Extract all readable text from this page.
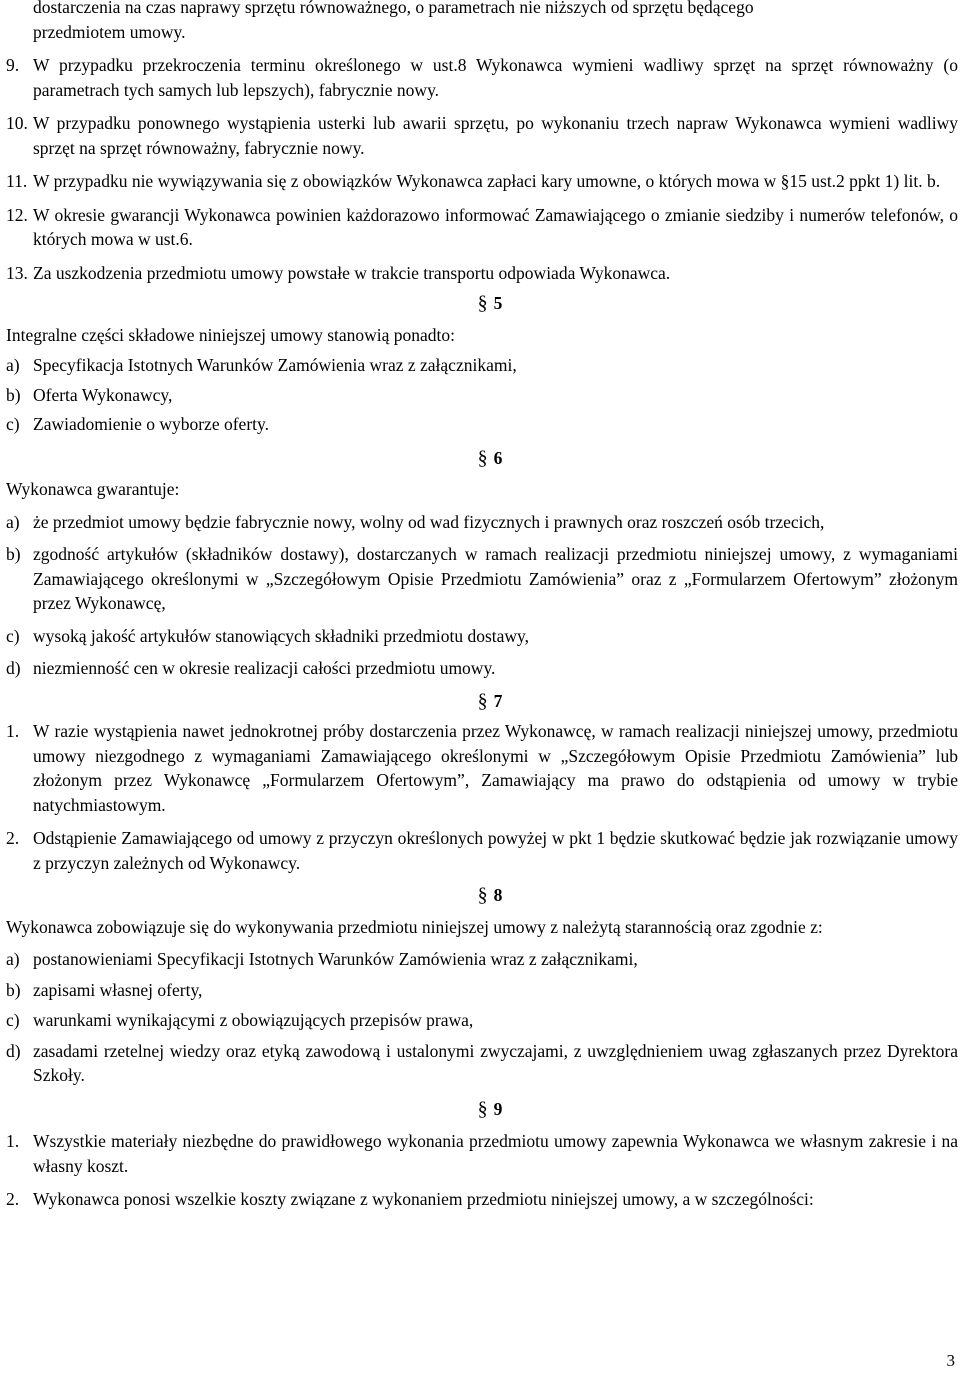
dostarczenia na czas naprawy sprzętu równoważnego, o parametrach nie niższych od sprzętu będącego
przedmiotem umowy.
9. W przypadku przekroczenia terminu określonego w ust.8 Wykonawca wymieni wadliwy sprzęt na sprzęt równoważny (o parametrach tych samych lub lepszych), fabrycznie nowy.
10. W przypadku ponownego wystąpienia usterki lub awarii sprzętu, po wykonaniu trzech napraw Wykonawca wymieni wadliwy sprzęt na sprzęt równoważny, fabrycznie nowy.
11. W przypadku nie wywiązywania się z obowiązków Wykonawca zapłaci kary umowne, o których mowa w §15 ust.2 ppkt 1) lit. b.
12. W okresie gwarancji Wykonawca powinien każdorazowo informować Zamawiającego o zmianie siedziby i numerów telefonów, o których mowa w ust.6.
13. Za uszkodzenia przedmiotu umowy powstałe w trakcie transportu odpowiada Wykonawca.
§ 5
Integralne części składowe niniejszej umowy stanowią ponadto:
a) Specyfikacja Istotnych Warunków Zamówienia wraz z załącznikami,
b) Oferta Wykonawcy,
c) Zawiadomienie o wyborze oferty.
§ 6
Wykonawca gwarantuje:
a) że przedmiot umowy będzie fabrycznie nowy, wolny od wad fizycznych i prawnych oraz roszczeń osób trzecich,
b) zgodność artykułów (składników dostawy), dostarczanych w ramach realizacji przedmiotu niniejszej umowy, z wymaganiami Zamawiającego określonymi w „Szczegółowym Opisie Przedmiotu Zamówienia” oraz z „Formularzem Ofertowym” złożonym przez Wykonawcę,
c) wysoką jakość artykułów stanowiących składniki przedmiotu dostawy,
d) niezmienność cen w okresie realizacji całości przedmiotu umowy.
§ 7
1. W razie wystąpienia nawet jednokrotnej próby dostarczenia przez Wykonawcę, w ramach realizacji niniejszej umowy, przedmiotu umowy niezgodnego z wymaganiami Zamawiającego określonymi w „Szczegółowym Opisie Przedmiotu Zamówienia” lub złożonym przez Wykonawcę „Formularzem Ofertowym”, Zamawiający ma prawo do odstąpienia od umowy w trybie natychmiastowym.
2. Odstąpienie Zamawiającego od umowy z przyczyn określonych powyżej w pkt 1 będzie skutkować będzie jak rozwiązanie umowy z przyczyn zależnych od Wykonawcy.
§ 8
Wykonawca zobowiązuje się do wykonywania przedmiotu niniejszej umowy z należytą starannością oraz zgodnie z:
a) postanowieniami Specyfikacji Istotnych Warunków Zamówienia wraz z załącznikami,
b) zapisami własnej oferty,
c) warunkami wynikającymi z obowiązujących przepisów prawa,
d) zasadami rzetelnej wiedzy oraz etyką zawodową i ustalonymi zwyczajami, z uwzględnieniem uwag zgłaszanych przez Dyrektora Szkoły.
§ 9
1. Wszystkie materiały niezbędne do prawidłowego wykonania przedmiotu umowy zapewnia Wykonawca we własnym zakresie i na własny koszt.
2. Wykonawca ponosi wszelkie koszty związane z wykonaniem przedmiotu niniejszej umowy, a w szczególności:
3
